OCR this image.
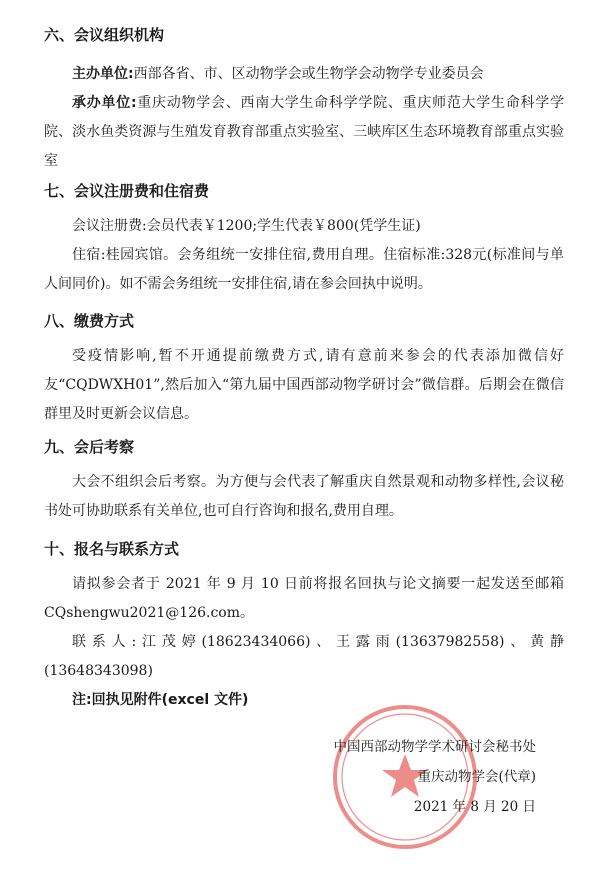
六、会议组织机构

主办单位:西部各省、市、区动物学会或生物学会动物学专业委员会

承办单位:重庆动物学会、西南大学生命科学学院、重庆师范大学生命科学学院、淡水鱼类资源与生殖发育教育部重点实验室、三峡库区生态环境教育部重点实验室

七、会议注册费和住宿费

会议注册费:会员代表￥1200;学生代表￥800(凭学生证)

住宿:桂园宾馆。会务组统一安排住宿,费用自理。住宿标准:328元(标准间与单人间同价)。如不需会务组统一安排住宿,请在参会回执中说明。

八、缴费方式

受疫情影响,暂不开通提前缴费方式,请有意前来参会的代表添加微信好友“CQDWXH01”,然后加入“第九届中国西部动物学研讨会”微信群。后期会在微信群里及时更新会议信息。

九、会后考察

大会不组织会后考察。为方便与会代表了解重庆自然景观和动物多样性,会议秘书处可协助联系有关单位,也可自行咨询和报名,费用自理。

十、报名与联系方式

请拟参会者于 2021 年 9 月 10 日前将报名回执与论文摘要一起发送至邮箱CQshengwu2021@126.com。

联系人:江茂婷(18623434066)、王露雨(13637982558)、黄静(13648343098)

注:回执见附件(excel 文件)

中国西部动物学学术研讨会秘书处
重庆动物学会(代章)
2021 年 8 月 20 日
